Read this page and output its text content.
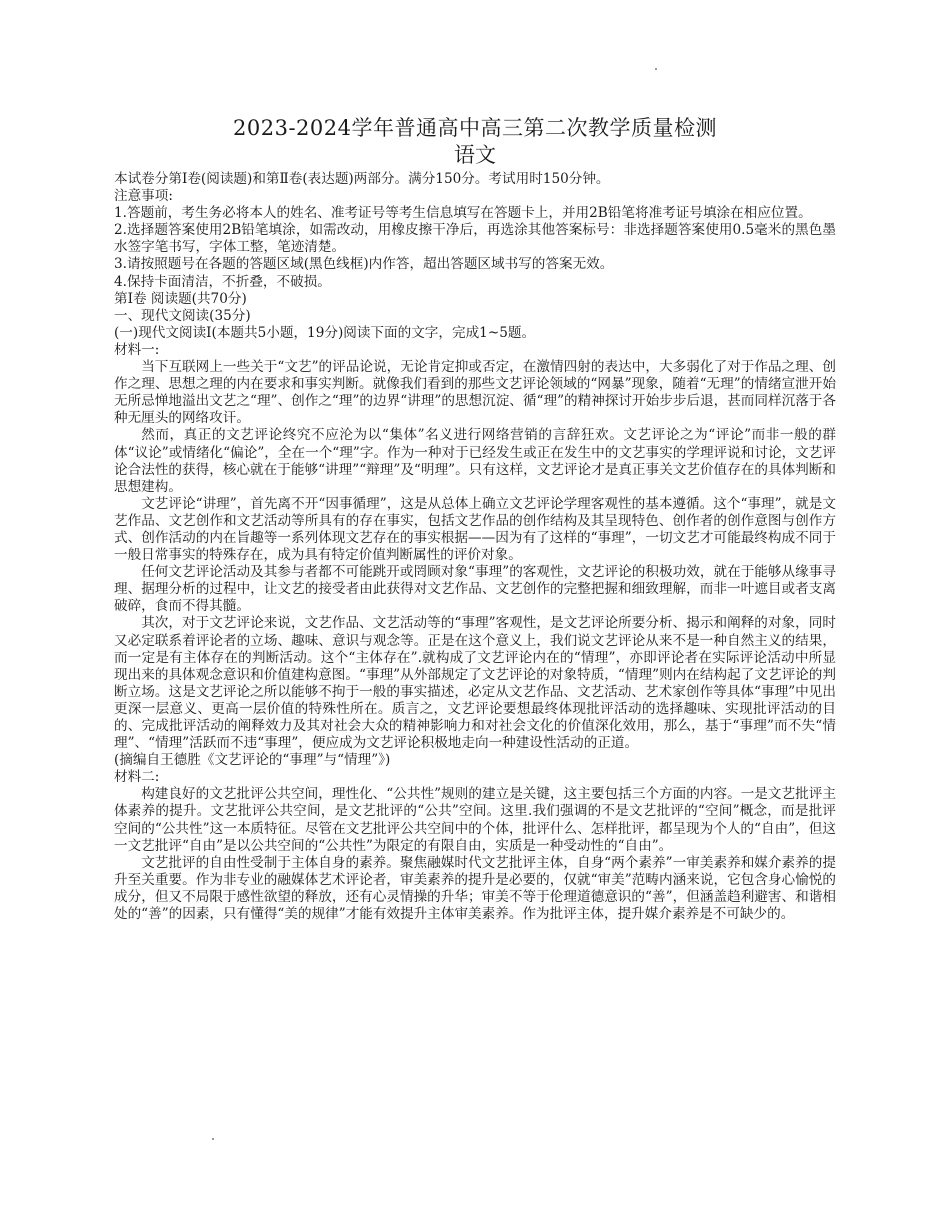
2023-2024学年普通高中高三第二次教学质量检测
语文

本试卷分第Ⅰ卷(阅读题)和第Ⅱ卷(表达题)两部分。满分150分。考试用时150分钟。

注意事项:

1.答题前，考生务必将本人的姓名、准考证号等考生信息填写在答题卡上，并用2B铅笔将准考证号填涂在相应位置。

2.选择题答案使用2B铅笔填涂，如需改动，用橡皮擦干净后，再选涂其他答案标号：非选择题答案使用0.5毫米的黑色墨水签字笔书写，字体工整，笔迹清楚。

3.请按照题号在各题的答题区域(黑色线框)内作答，超出答题区域书写的答案无效。

4.保持卡面清洁，不折叠，不破损。

第Ⅰ卷 阅读题(共70分)

一、现代文阅读(35分)

(一)现代文阅读Ⅰ(本题共5小题，19分)阅读下面的文字，完成1~5题。

材料一:

当下互联网上一些关于“文艺”的评品论说，无论肯定抑或否定，在激情四射的表达中，大多弱化了对于作品之理、创作之理、思想之理的内在要求和事实判断。就像我们看到的那些文艺评论领域的“网暴”现象，随着“无理”的情绪宣泄开始无所忌惮地溢出文艺之“理”、创作之“理”的边界“讲理”的思想沉淀、循“理”的精神探讨开始步步后退，甚而同样沉落于各种无厘头的网络攻讦。

然而，真正的文艺评论终究不应沦为以“集体”名义进行网络营销的言辞狂欢。文艺评论之为“评论”而非一般的群体“议论”或情绪化“偏论”，全在一个“理”字。作为一种对于已经发生或正在发生中的文艺事实的学理评说和讨论，文艺评论合法性的获得，核心就在于能够“讲理”“辩理”及“明理”。只有这样，文艺评论才是真正事关文艺价值存在的具体判断和思想建构。

文艺评论“讲理”，首先离不开“因事循理”，这是从总体上确立文艺评论学理客观性的基本遵循。这个“事理”，就是文艺作品、文艺创作和文艺活动等所具有的存在事实，包括文艺作品的创作结构及其呈现特色、创作者的创作意图与创作方式、创作活动的内在旨趣等一系列体现文艺存在的事实根据——因为有了这样的“事理”，一切文艺才可能最终构成不同于一般日常事实的特殊存在，成为具有特定价值判断属性的评价对象。

任何文艺评论活动及其参与者都不可能跳开或罔顾对象“事理”的客观性，文艺评论的积极功效，就在于能够从缘事寻理、据理分析的过程中，让文艺的接受者由此获得对文艺作品、文艺创作的完整把握和细致理解，而非一叶遮目或者支离破碎，食而不得其髓。

其次，对于文艺评论来说，文艺作品、文艺活动等的“事理”客观性，是文艺评论所要分析、揭示和阐释的对象，同时又必定联系着评论者的立场、趣味、意识与观念等。正是在这个意义上，我们说文艺评论从来不是一种自然主义的结果，而一定是有主体存在的判断活动。这个“主体存在”.就构成了文艺评论内在的“情理”，亦即评论者在实际评论活动中所显现出来的具体观念意识和价值建构意图。“事理”从外部规定了文艺评论的对象特质，“情理”则内在结构起了文艺评论的判断立场。这是文艺评论之所以能够不拘于一般的事实描述，必定从文艺作品、文艺活动、艺术家创作等具体“事理”中见出更深一层意义、更高一层价值的特殊性所在。质言之，文艺评论要想最终体现批评活动的选择趣味、实现批评活动的目的、完成批评活动的阐释效力及其对社会大众的精神影响力和对社会文化的价值深化效用，那么，基于“事理”而不失“情理”、“情理”活跃而不违“事理”，便应成为文艺评论积极地走向一种建设性活动的正道。

(摘编自王德胜《文艺评论的“事理”与“情理”》)

材料二:

构建良好的文艺批评公共空间，理性化、“公共性”规则的建立是关键，这主要包括三个方面的内容。一是文艺批评主体素养的提升。文艺批评公共空间，是文艺批评的“公共”空间。这里.我们强调的不是文艺批评的“空间”概念，而是批评空间的“公共性”这一本质特征。尽管在文艺批评公共空间中的个体，批评什么、怎样批评，都呈现为个人的“自由”，但这一文艺批评“自由”是以公共空间的“公共性”为限定的有限自由，实质是一种受动性的“自由”。

文艺批评的自由性受制于主体自身的素养。聚焦融媒时代文艺批评主体，自身“两个素养”一审美素养和媒介素养的提升至关重要。作为非专业的融媒体艺术评论者，审美素养的提升是必要的，仅就“审美”范畴内涵来说，它包含身心愉悦的成分，但又不局限于感性欲望的释放，还有心灵情操的升华；审美不等于伦理道德意识的“善”，但涵盖趋利避害、和谐相处的“善”的因素，只有懂得“美的规律”才能有效提升主体审美素养。作为批评主体，提升媒介素养是不可缺少的。
